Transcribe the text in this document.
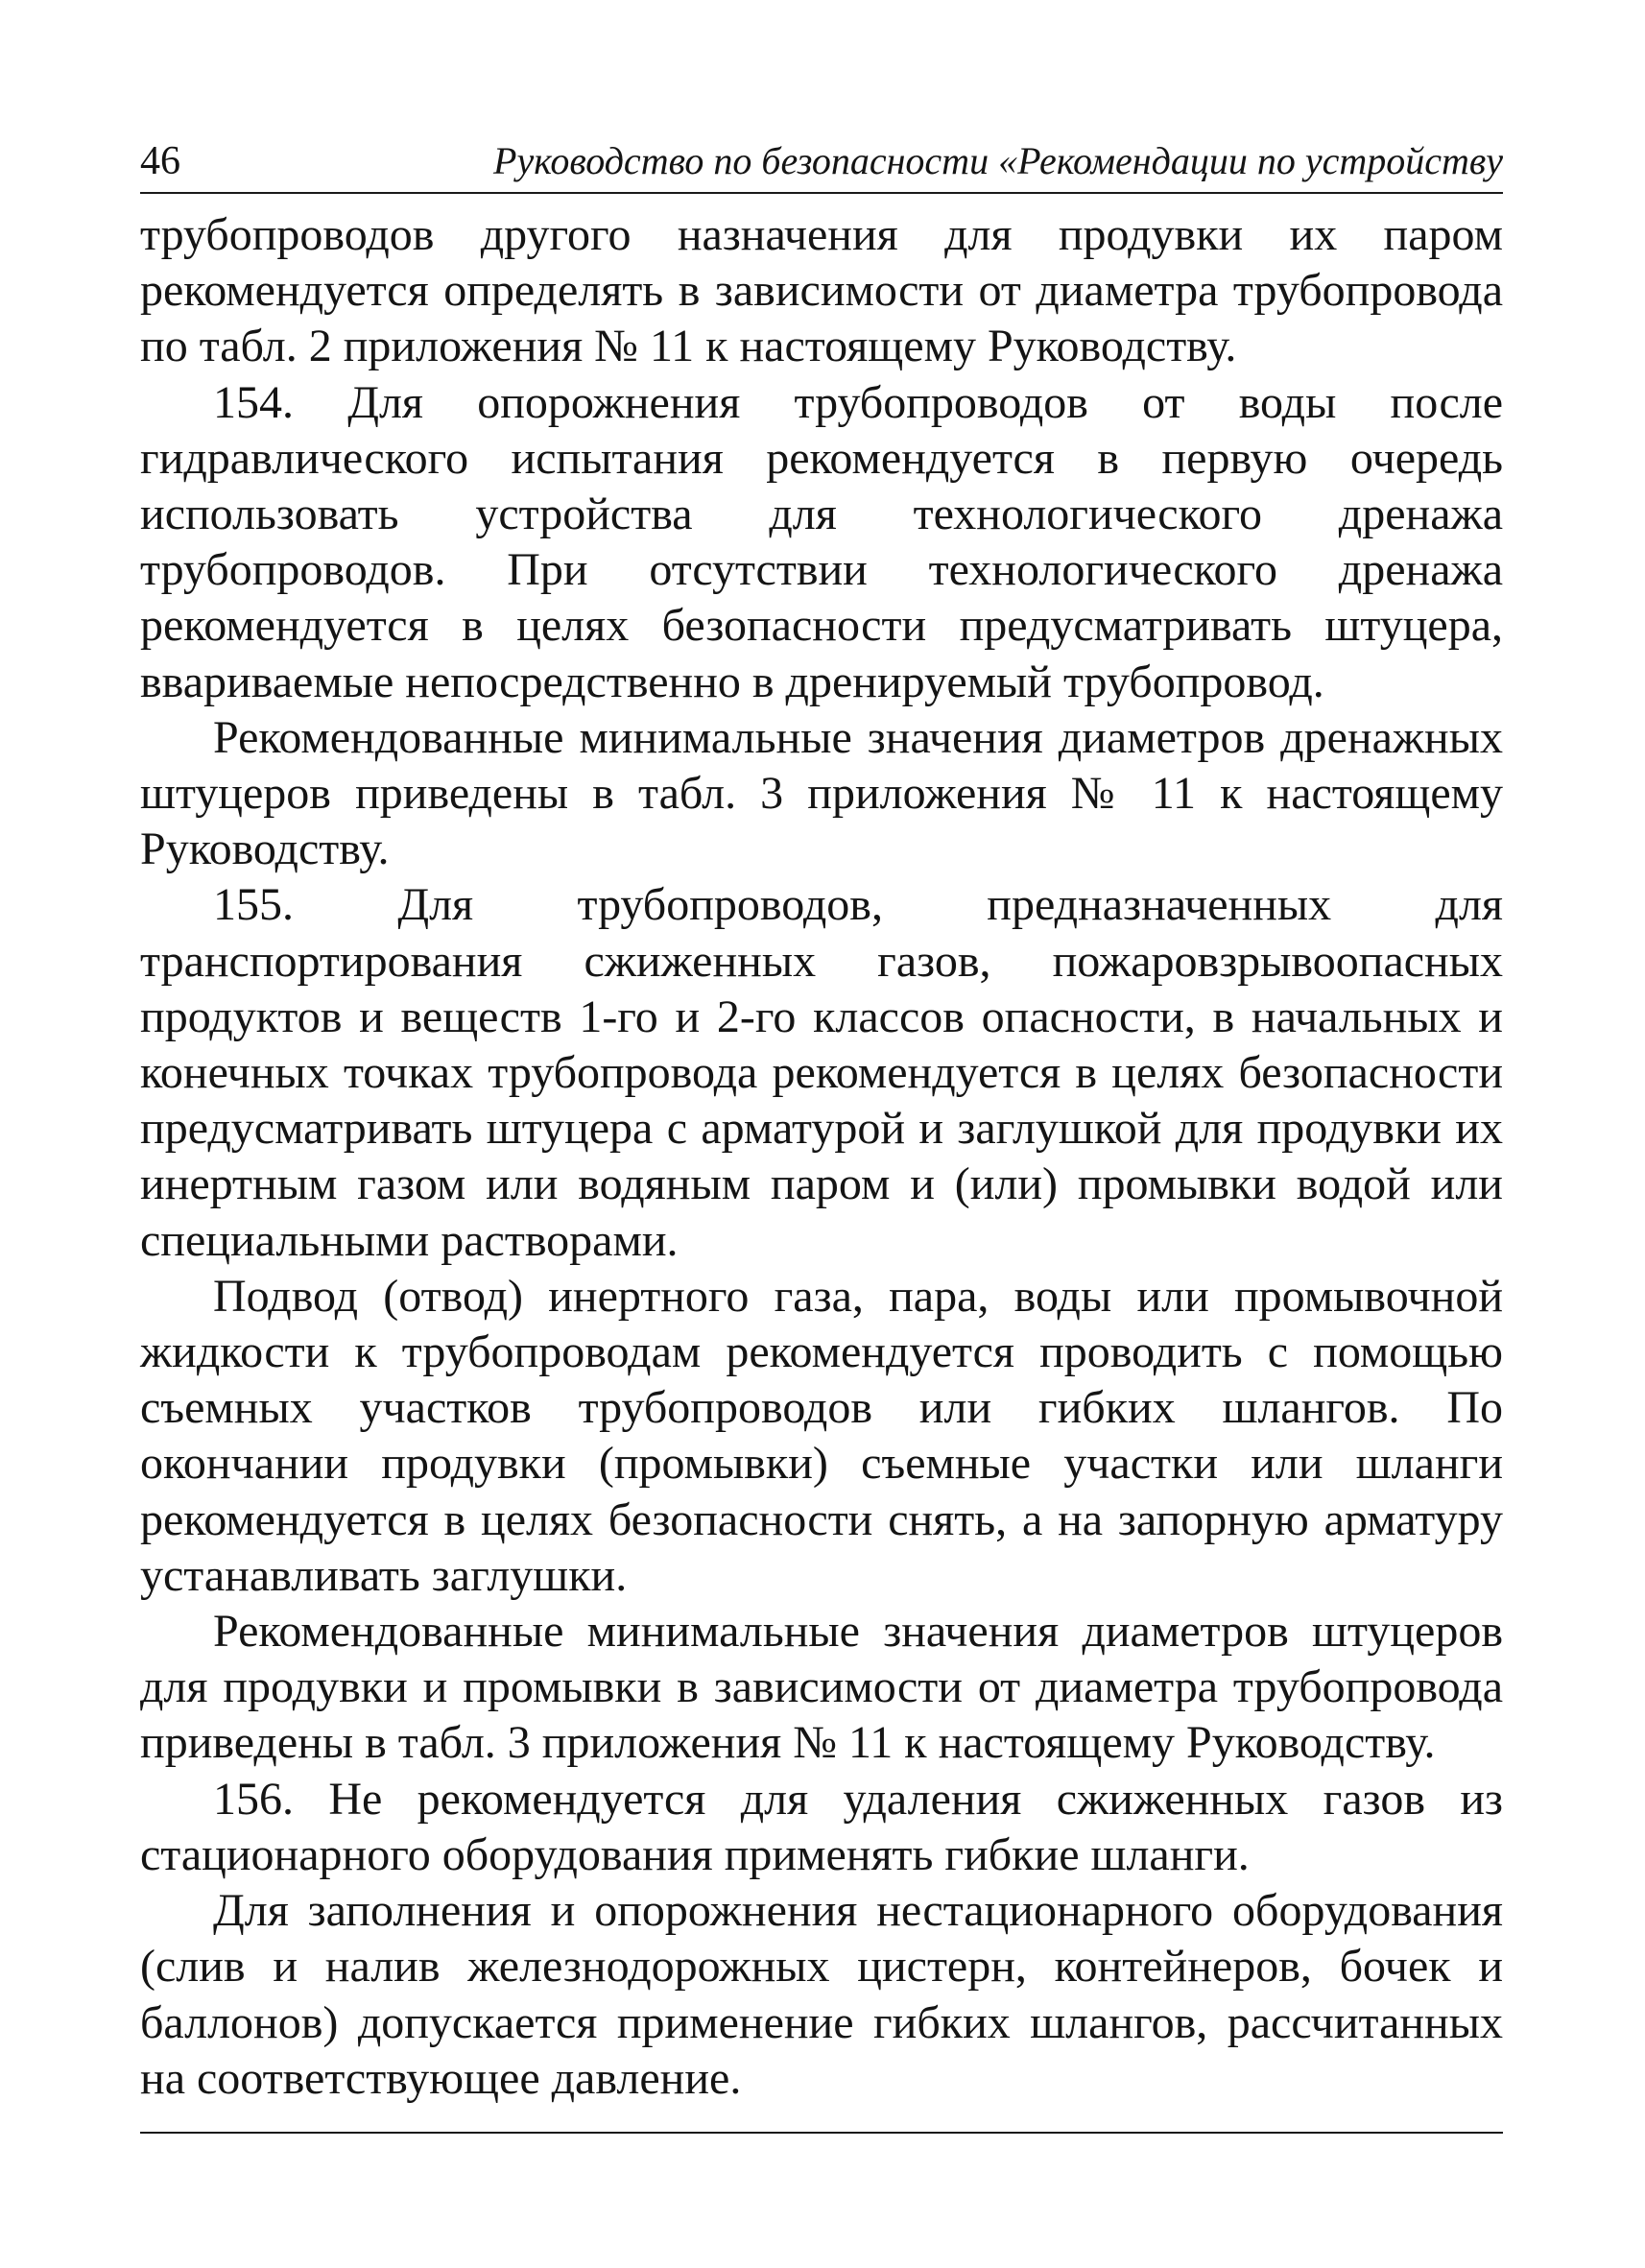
46	Руководство по безопасности «Рекомендации по устройству

трубопроводов другого назначения для продувки их паром рекомендуется определять в зависимости от диаметра трубопровода по табл. 2 приложения № 11 к настоящему Руководству.

154. Для опорожнения трубопроводов от воды после гидравлического испытания рекомендуется в первую очередь использовать устройства для технологического дренажа трубопроводов. При отсутствии технологического дренажа рекомендуется в целях безопасности предусматривать штуцера, ввариваемые непосредственно в дренируемый трубопровод.

Рекомендованные минимальные значения диаметров дренажных штуцеров приведены в табл. 3 приложения № 11 к настоящему Руководству.

155. Для трубопроводов, предназначенных для транспортирования сжиженных газов, пожаровзрывоопасных продуктов и веществ 1-го и 2-го классов опасности, в начальных и конечных точках трубопровода рекомендуется в целях безопасности предусматривать штуцера с арматурой и заглушкой для продувки их инертным газом или водяным паром и (или) промывки водой или специальными растворами.

Подвод (отвод) инертного газа, пара, воды или промывочной жидкости к трубопроводам рекомендуется проводить с помощью съемных участков трубопроводов или гибких шлангов. По окончании продувки (промывки) съемные участки или шланги рекомендуется в целях безопасности снять, а на запорную арматуру устанавливать заглушки.

Рекомендованные минимальные значения диаметров штуцеров для продувки и промывки в зависимости от диаметра трубопровода приведены в табл. 3 приложения № 11 к настоящему Руководству.

156. Не рекомендуется для удаления сжиженных газов из стационарного оборудования применять гибкие шланги.

Для заполнения и опорожнения нестационарного оборудования (слив и налив железнодорожных цистерн, контейнеров, бочек и баллонов) допускается применение гибких шлангов, рассчитанных на соответствующее давление.
